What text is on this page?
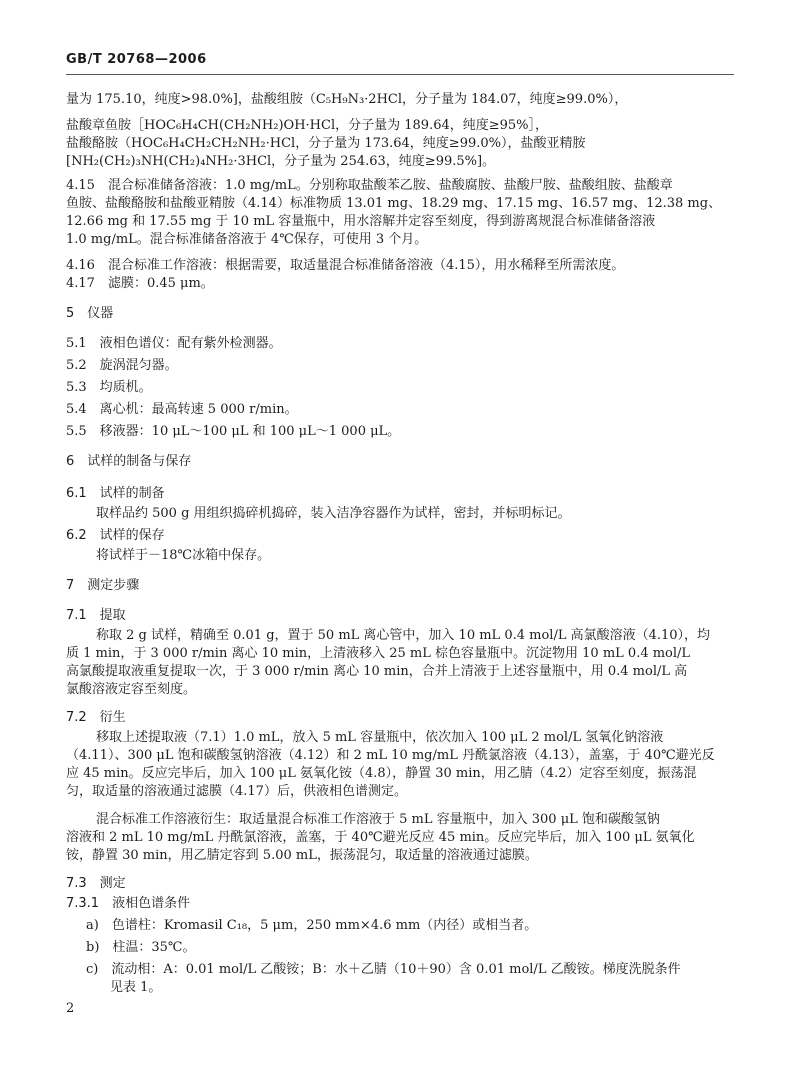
GB/T 20768—2006
量为 175.10，纯度>98.0%]，盐酸组胺（C₅H₉N₃·2HCl，分子量为 184.07，纯度≥99.0%），
盐酸章鱼胺［HOC₆H₄CH(CH₂NH₂)OH·HCl，分子量为 189.64，纯度≥95%］，
盐酸酪胺（HOC₆H₄CH₂CH₂NH₂·HCl，分子量为 173.64，纯度≥99.0%），盐酸亚精胺
[NH₂(CH₂)₃NH(CH₂)₄NH₂·3HCl，分子量为 254.63，纯度≥99.5%]。
4.15　混合标准储备溶液：1.0 mg/mL。分别称取盐酸苯乙胺、盐酸腐胺、盐酸尸胺、盐酸组胺、盐酸章
鱼胺、盐酸酪胺和盐酸亚精胺（4.14）标准物质 13.01 mg、18.29 mg、17.15 mg、16.57 mg、12.38 mg、
12.66 mg 和 17.55 mg 于 10 mL 容量瓶中，用水溶解并定容至刻度，得到游离规混合标准储备溶液
1.0 mg/mL。混合标准储备溶液于 4℃保存，可使用 3 个月。
4.16　混合标准工作溶液：根据需要，取适量混合标准储备溶液（4.15），用水稀释至所需浓度。
4.17　滤膜：0.45 μm。
5　仪器
5.1　液相色谱仪：配有紫外检测器。
5.2　旋涡混匀器。
5.3　均质机。
5.4　离心机：最高转速 5 000 r/min。
5.5　移液器：10 μL～100 μL 和 100 μL～1 000 μL。
6　试样的制备与保存
6.1　试样的制备
取样品约 500 g 用组织捣碎机捣碎，装入洁净容器作为试样，密封，并标明标记。
6.2　试样的保存
将试样于－18℃冰箱中保存。
7　测定步骤
7.1　提取
称取 2 g 试样，精确至 0.01 g，置于 50 mL 离心管中，加入 10 mL 0.4 mol/L 高氯酸溶液（4.10），均
质 1 min，于 3 000 r/min 离心 10 min，上清液移入 25 mL 棕色容量瓶中。沉淀物用 10 mL 0.4 mol/L
高氯酸提取液重复提取一次，于 3 000 r/min 离心 10 min，合并上清液于上述容量瓶中，用 0.4 mol/L 高
氯酸溶液定容至刻度。
7.2　衍生
移取上述提取液（7.1）1.0 mL，放入 5 mL 容量瓶中，依次加入 100 μL 2 mol/L 氢氧化钠溶液
（4.11）、300 μL 饱和碳酸氢钠溶液（4.12）和 2 mL 10 mg/mL 丹酰氯溶液（4.13），盖塞，于 40℃避光反
应 45 min。反应完毕后，加入 100 μL 氨氧化铵（4.8），静置 30 min，用乙腈（4.2）定容至刻度，振荡混
匀，取适量的溶液通过滤膜（4.17）后，供液相色谱测定。
混合标准工作溶液衍生：取适量混合标准工作溶液于 5 mL 容量瓶中，加入 300 μL 饱和碳酸氢钠
溶液和 2 mL 10 mg/mL 丹酰氯溶液，盖塞，于 40℃避光反应 45 min。反应完毕后，加入 100 μL 氨氧化
铵，静置 30 min，用乙腈定容到 5.00 mL，振荡混匀，取适量的溶液通过滤膜。
7.3　测定
7.3.1　液相色谱条件
a)　色谱柱：Kromasil C₁₈，5 μm，250 mm×4.6 mm（内径）或相当者。
b)　柱温：35℃。
c)　流动相：A：0.01 mol/L 乙酸铵；B：水＋乙腈（10＋90）含 0.01 mol/L 乙酸铵。梯度洗脱条件
见表 1。
2
